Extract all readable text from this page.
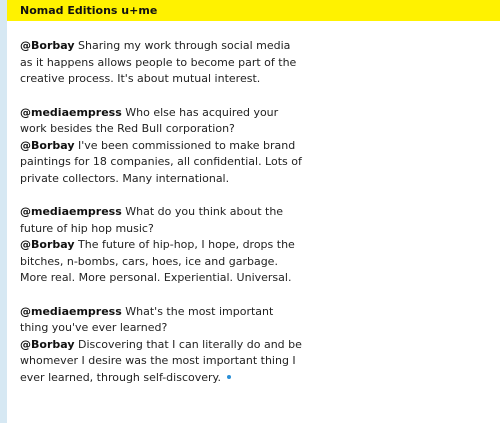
Nomad Editions u+me
@Borbay Sharing my work through social media
as it happens allows people to become part of the
creative process. It's about mutual interest.
@mediaempress Who else has acquired your
work besides the Red Bull corporation?
@Borbay I've been commissioned to make brand
paintings for 18 companies, all confidential. Lots of
private collectors. Many international.
@mediaempress What do you think about the
future of hip hop music?
@Borbay The future of hip-hop, I hope, drops the
bitches, n-bombs, cars, hoes, ice and garbage.
More real. More personal. Experiential. Universal.
@mediaempress What's the most important
thing you've ever learned?
@Borbay Discovering that I can literally do and be
whomever I desire was the most important thing I
ever learned, through self-discovery.
